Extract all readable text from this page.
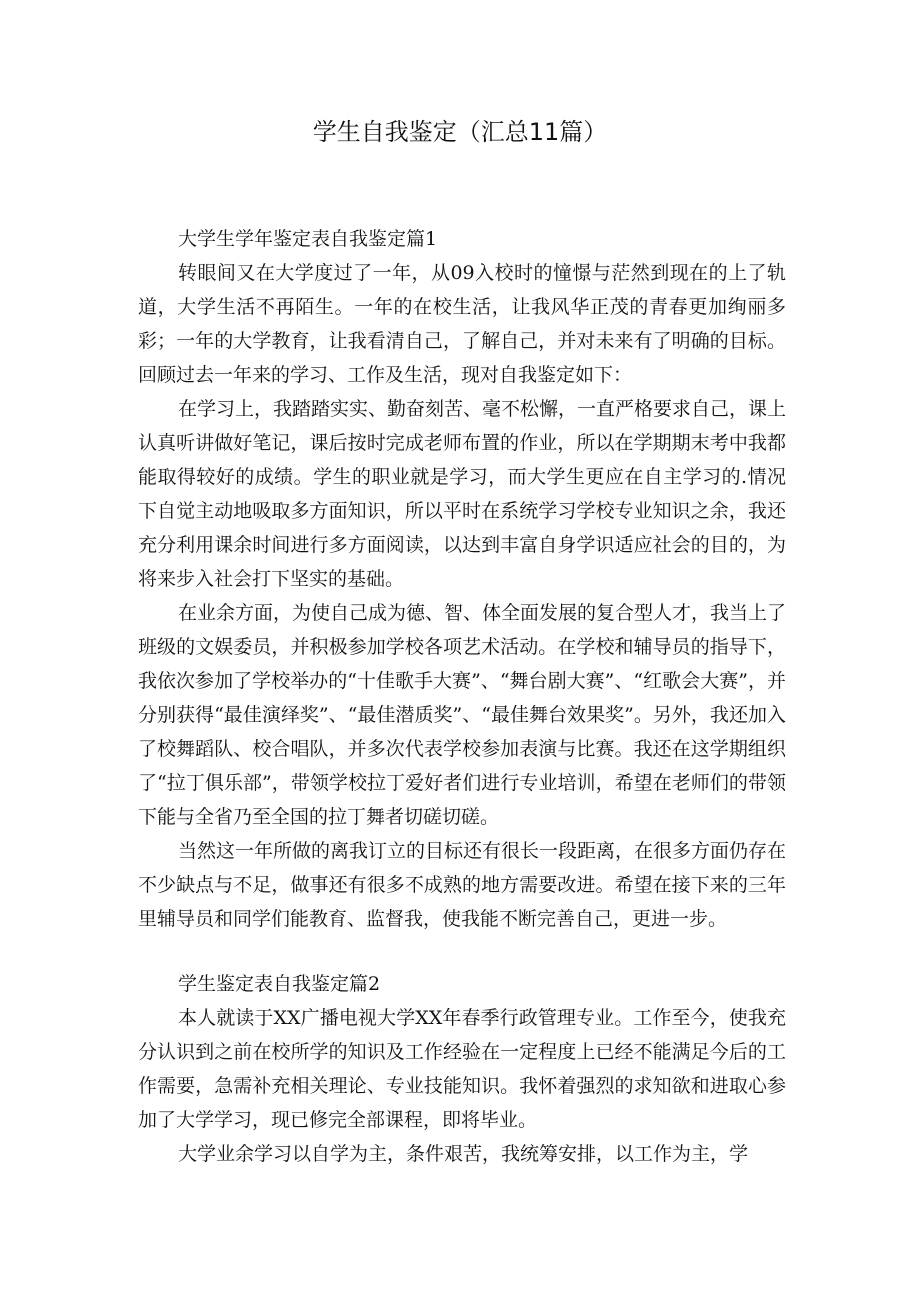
学生自我鉴定（汇总11篇）

大学生学年鉴定表自我鉴定篇1

转眼间又在大学度过了一年，从09入校时的憧憬与茫然到现在的上了轨道，大学生活不再陌生。一年的在校生活，让我风华正茂的青春更加绚丽多彩；一年的大学教育，让我看清自己，了解自己，并对未来有了明确的目标。回顾过去一年来的学习、工作及生活，现对自我鉴定如下：

在学习上，我踏踏实实、勤奋刻苦、毫不松懈，一直严格要求自己，课上认真听讲做好笔记，课后按时完成老师布置的作业，所以在学期期末考中我都能取得较好的成绩。学生的职业就是学习，而大学生更应在自主学习的.情况下自觉主动地吸取多方面知识，所以平时在系统学习学校专业知识之余，我还充分利用课余时间进行多方面阅读，以达到丰富自身学识适应社会的目的，为将来步入社会打下坚实的基础。

在业余方面，为使自己成为德、智、体全面发展的复合型人才，我当上了班级的文娱委员，并积极参加学校各项艺术活动。在学校和辅导员的指导下，我依次参加了学校举办的“十佳歌手大赛”、“舞台剧大赛”、“红歌会大赛”，并分别获得“最佳演绎奖”、“最佳潜质奖”、“最佳舞台效果奖”。另外，我还加入了校舞蹈队、校合唱队，并多次代表学校参加表演与比赛。我还在这学期组织了“拉丁俱乐部”，带领学校拉丁爱好者们进行专业培训，希望在老师们的带领下能与全省乃至全国的拉丁舞者切磋切磋。

当然这一年所做的离我订立的目标还有很长一段距离，在很多方面仍存在不少缺点与不足，做事还有很多不成熟的地方需要改进。希望在接下来的三年里辅导员和同学们能教育、监督我，使我能不断完善自己，更进一步。

学生鉴定表自我鉴定篇2

本人就读于XX广播电视大学XX年春季行政管理专业。工作至今，使我充分认识到之前在校所学的知识及工作经验在一定程度上已经不能满足今后的工作需要，急需补充相关理论、专业技能知识。我怀着强烈的求知欲和进取心参加了大学学习，现已修完全部课程，即将毕业。

大学业余学习以自学为主，条件艰苦，我统筹安排，以工作为主，学
